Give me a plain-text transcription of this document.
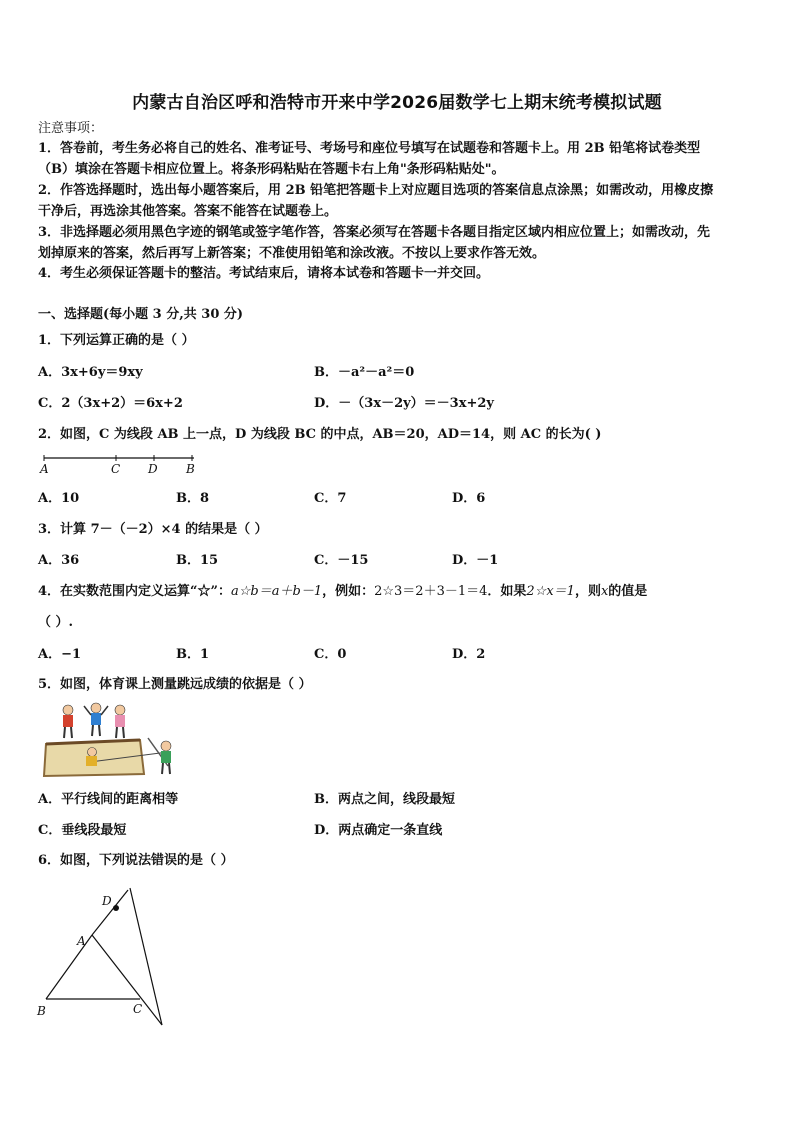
内蒙古自治区呼和浩特市开来中学2026届数学七上期末统考模拟试题
注意事项：
1．答卷前，考生务必将自己的姓名、准考证号、考场号和座位号填写在试题卷和答题卡上。用 2B 铅笔将试卷类型
（B）填涂在答题卡相应位置上。将条形码粘贴在答题卡右上角"条形码粘贴处"。
2．作答选择题时，选出每小题答案后，用 2B 铅笔把答题卡上对应题目选项的答案信息点涂黑；如需改动，用橡皮擦
干净后，再选涂其他答案。答案不能答在试题卷上。
3．非选择题必须用黑色字迹的钢笔或签字笔作答，答案必须写在答题卡各题目指定区域内相应位置上；如需改动，先
划掉原来的答案，然后再写上新答案；不准使用铅笔和涂改液。不按以上要求作答无效。
4．考生必须保证答题卡的整洁。考试结束后，请将本试卷和答题卡一并交回。
一、选择题(每小题 3 分,共 30 分)
1．下列运算正确的是（ ）
A．3x+6y＝9xy	B．－a²－a²＝0
C．2（3x+2）＝6x+2	D．－（3x－2y）＝－3x+2y
2．如图，C 为线段 AB 上一点，D 为线段 BC 的中点，AB＝20，AD＝14，则 AC 的长为( )
A	C D B
A．10	B．8	C．7	D．6
3．计算 7－（－2）×4 的结果是（ ）
A．36	B．15	C．－15	D．－1
4．在实数范围内定义运算“☆”：a☆b＝a＋b－1，例如：2☆3＝2＋3－1＝4．如果2☆x＝1，则x的值是
（ ）.
A．−1	B．1	C．0	D．2
5．如图，体育课上测量跳远成绩的依据是（ ）
A．平行线间的距离相等	B．两点之间，线段最短
C．垂线段最短	D．两点确定一条直线
6．如图，下列说法错误的是（ ）
D
A
B	C
